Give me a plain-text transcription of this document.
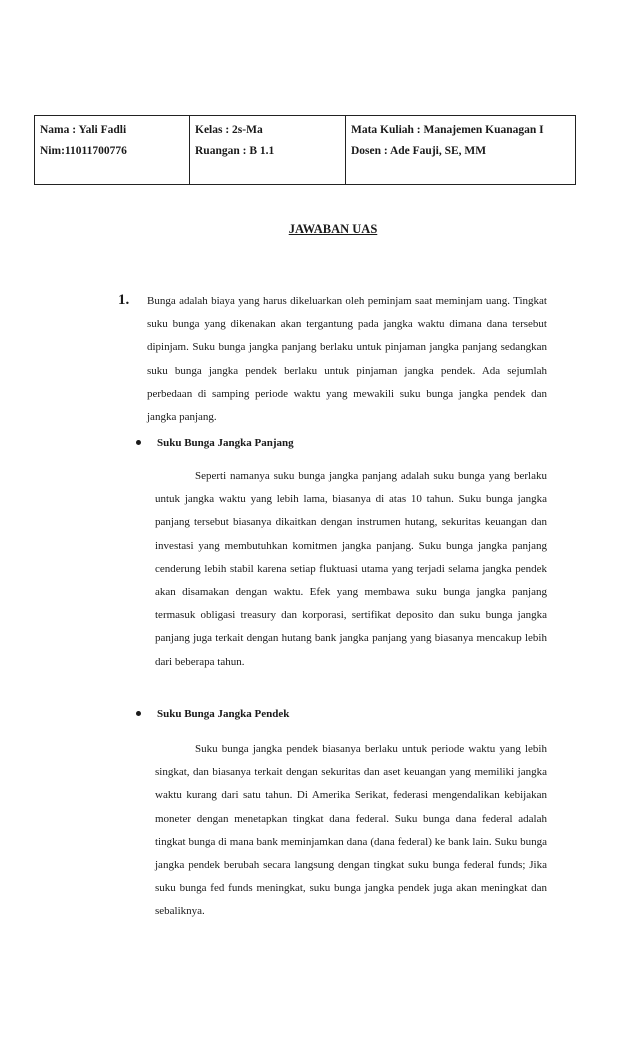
Nama : Yali Fadli
Nim:11011700776

Kelas : 2s-Ma
Ruangan : B 1.1

Mata Kuliah : Manajemen Kuanagan I
Dosen : Ade Fauji, SE, MM
JAWABAN UAS
1. Bunga adalah biaya yang harus dikeluarkan oleh peminjam saat meminjam uang. Tingkat suku bunga yang dikenakan akan tergantung pada jangka waktu dimana dana tersebut dipinjam. Suku bunga jangka panjang berlaku untuk pinjaman jangka panjang sedangkan suku bunga jangka pendek berlaku untuk pinjaman jangka pendek. Ada sejumlah perbedaan di samping periode waktu yang mewakili suku bunga jangka pendek dan jangka panjang.

Suku Bunga Jangka Panjang

Seperti namanya suku bunga jangka panjang adalah suku bunga yang berlaku untuk jangka waktu yang lebih lama, biasanya di atas 10 tahun. Suku bunga jangka panjang tersebut biasanya dikaitkan dengan instrumen hutang, sekuritas keuangan dan investasi yang membutuhkan komitmen jangka panjang. Suku bunga jangka panjang cenderung lebih stabil karena setiap fluktuasi utama yang terjadi selama jangka pendek akan disamakan dengan waktu. Efek yang membawa suku bunga jangka panjang termasuk obligasi treasury dan korporasi, sertifikat deposito dan suku bunga jangka panjang juga terkait dengan hutang bank jangka panjang yang biasanya mencakup lebih dari beberapa tahun.

Suku Bunga Jangka Pendek

Suku bunga jangka pendek biasanya berlaku untuk periode waktu yang lebih singkat, dan biasanya terkait dengan sekuritas dan aset keuangan yang memiliki jangka waktu kurang dari satu tahun. Di Amerika Serikat, federasi mengendalikan kebijakan moneter dengan menetapkan tingkat dana federal. Suku bunga dana federal adalah tingkat bunga di mana bank meminjamkan dana (dana federal) ke bank lain. Suku bunga jangka pendek berubah secara langsung dengan tingkat suku bunga federal funds; Jika suku bunga fed funds meningkat, suku bunga jangka pendek juga akan meningkat dan sebaliknya.
